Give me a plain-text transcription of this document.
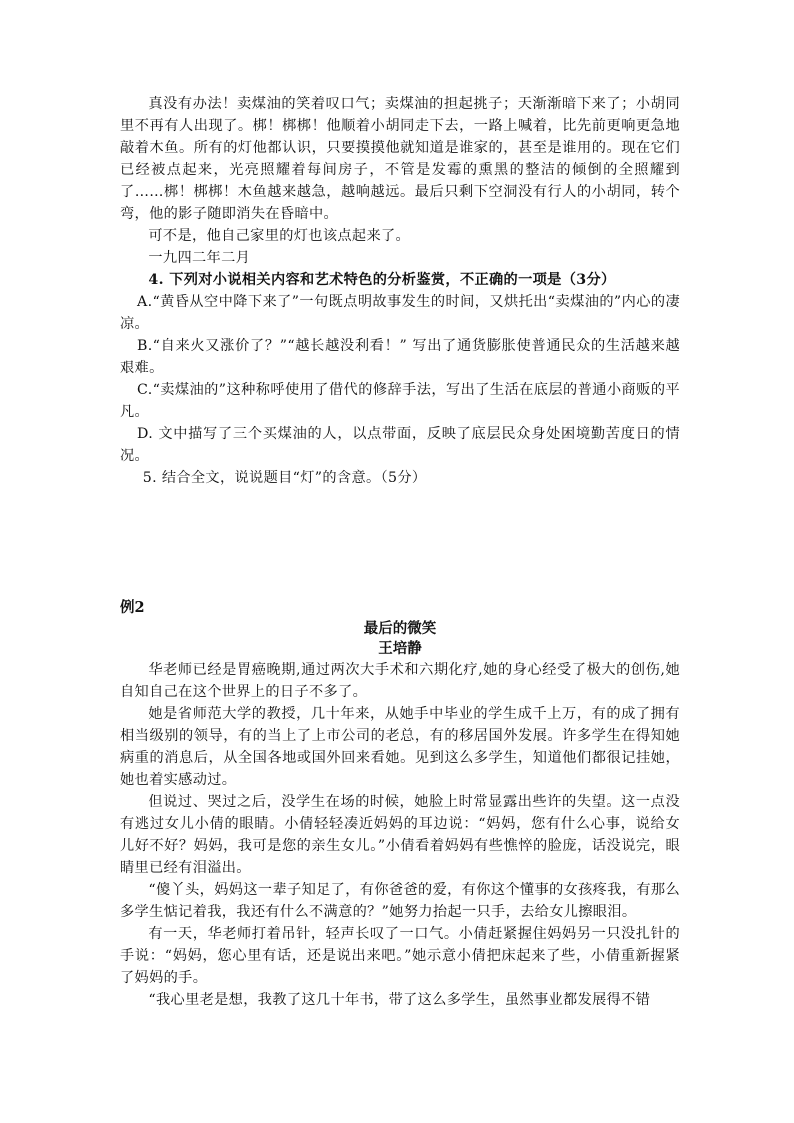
真没有办法！卖煤油的笑着叹口气；卖煤油的担起挑子；天渐渐暗下来了；小胡同里不再有人出现了。梆！梆梆！他顺着小胡同走下去，一路上喊着，比先前更响更急地敲着木鱼。所有的灯他都认识，只要摸摸他就知道是谁家的，甚至是谁用的。现在它们已经被点起来，光亮照耀着每间房子，不管是发霉的熏黑的整洁的倾倒的全照耀到了……梆！梆梆！木鱼越来越急，越响越远。最后只剩下空洞没有行人的小胡同，转个弯，他的影子随即消失在昏暗中。

可不是，他自己家里的灯也该点起来了。

一九四二年二月

4. 下列对小说相关内容和艺术特色的分析鉴赏，不正确的一项是（3分）

A.“黄昏从空中降下来了”一句既点明故事发生的时间，又烘托出“卖煤油的”内心的凄凉。

B.“自来火又涨价了？”“越长越没利看！” 写出了通货膨胀使普通民众的生活越来越艰难。

C.“卖煤油的”这种称呼使用了借代的修辞手法，写出了生活在底层的普通小商贩的平凡。

D. 文中描写了三个买煤油的人，以点带面，反映了底层民众身处困境勤苦度日的情况。

5. 结合全文，说说题目“灯”的含意。（5分）

例2

最后的微笑

王培静

华老师已经是胃癌晚期,通过两次大手术和六期化疗,她的身心经受了极大的创伤,她自知自己在这个世界上的日子不多了。

她是省师范大学的教授，几十年来，从她手中毕业的学生成千上万，有的成了拥有相当级别的领导，有的当上了上市公司的老总，有的移居国外发展。许多学生在得知她病重的消息后，从全国各地或国外回来看她。见到这么多学生，知道他们都很记挂她，她也着实感动过。

但说过、哭过之后，没学生在场的时候，她脸上时常显露出些许的失望。这一点没有逃过女儿小倩的眼睛。小倩轻轻凑近妈妈的耳边说：“妈妈，您有什么心事，说给女儿好不好？妈妈，我可是您的亲生女儿。”小倩看着妈妈有些憔悴的脸庞，话没说完，眼睛里已经有泪溢出。

“傻丫头，妈妈这一辈子知足了，有你爸爸的爱，有你这个懂事的女孩疼我，有那么多学生惦记着我，我还有什么不满意的？”她努力抬起一只手，去给女儿擦眼泪。

有一天，华老师打着吊针，轻声长叹了一口气。小倩赶紧握住妈妈另一只没扎针的手说：“妈妈，您心里有话，还是说出来吧。”她示意小倩把床起来了些，小倩重新握紧了妈妈的手。

“我心里老是想，我教了这几十年书，带了这么多学生，虽然事业都发展得不错
